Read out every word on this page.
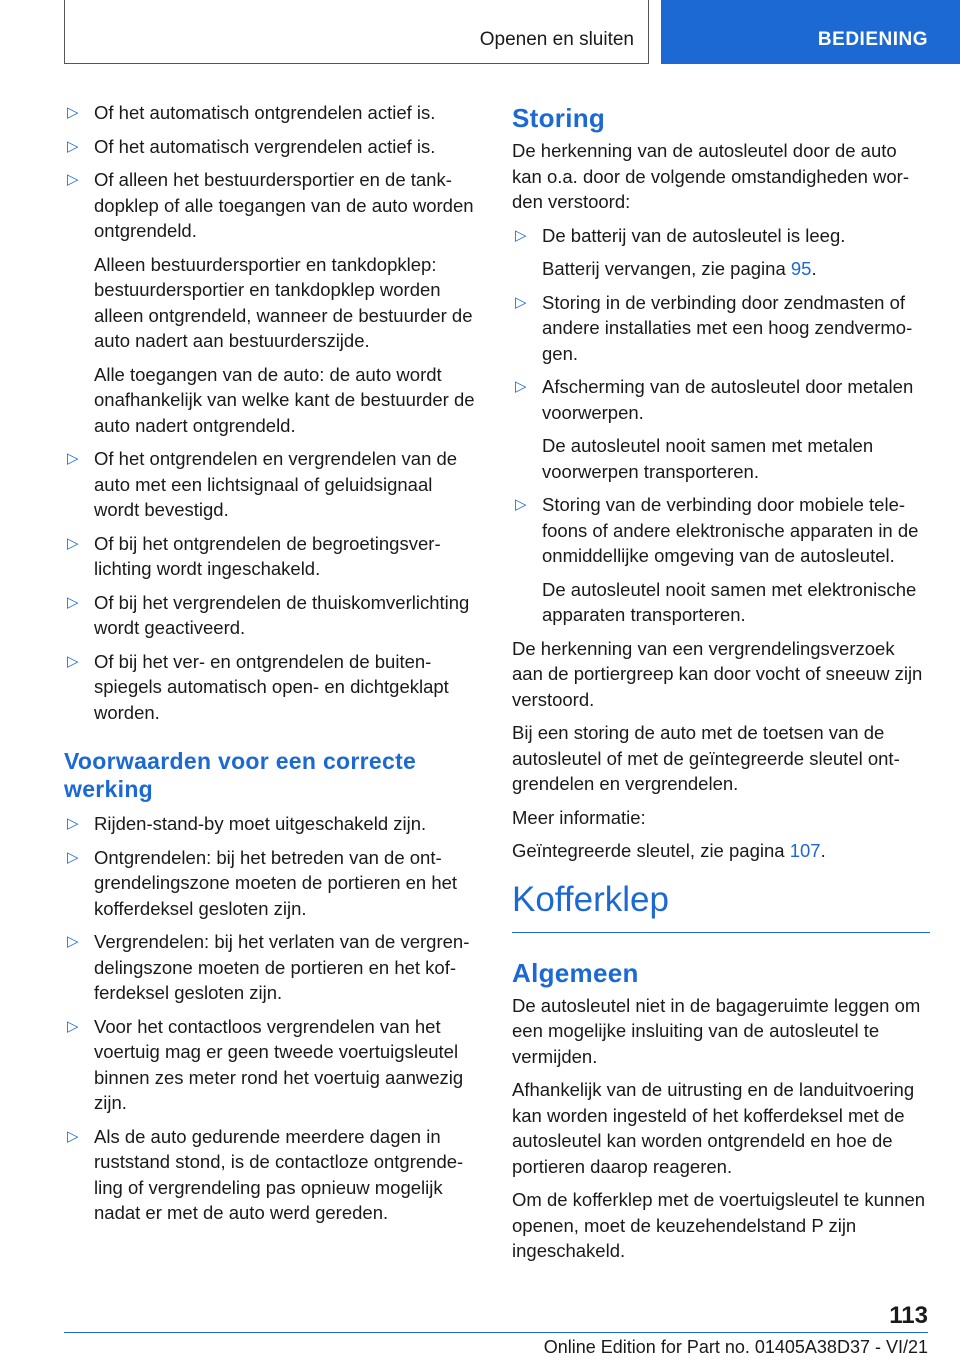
Openen en sluiten	BEDIENING
▷ Of het automatisch ontgrendelen actief is.
▷ Of het automatisch vergrendelen actief is.
▷ Of alleen het bestuurdersportier en de tankdopklep of alle toegangen van de auto worden ontgrendeld.
Alleen bestuurdersportier en tankdopklep: bestuurdersportier en tankdopklep worden alleen ontgrendeld, wanneer de bestuurder de auto nadert aan bestuurderszijde.
Alle toegangen van de auto: de auto wordt onafhankelijk van welke kant de bestuurder de auto nadert ontgrendeld.
▷ Of het ontgrendelen en vergrendelen van de auto met een lichtsignaal of geluidsignaal wordt bevestigd.
▷ Of bij het ontgrendelen de begroetingsverlichting wordt ingeschakeld.
▷ Of bij het vergrendelen de thuiskomverlichting wordt geactiveerd.
▷ Of bij het ver- en ontgrendelen de buitenspiegels automatisch open- en dichtgeklapt worden.
Voorwaarden voor een correcte werking
▷ Rijden-stand-by moet uitgeschakeld zijn.
▷ Ontgrendelen: bij het betreden van de ontgrendelingszone moeten de portieren en het kofferdeksel gesloten zijn.
▷ Vergrendelen: bij het verlaten van de vergrendelingszone moeten de portieren en het kofferdeksel gesloten zijn.
▷ Voor het contactloos vergrendelen van het voertuig mag er geen tweede voertuigsleutel binnen zes meter rond het voertuig aanwezig zijn.
▷ Als de auto gedurende meerdere dagen in ruststand stond, is de contactloze ontgrendeling of vergrendeling pas opnieuw mogelijk nadat er met de auto werd gereden.
Storing

De herkenning van de autosleutel door de auto kan o.a. door de volgende omstandigheden worden verstoord:

▷ De batterij van de autosleutel is leeg.
Batterij vervangen, zie pagina 95.
▷ Storing in de verbinding door zendmasten of andere installaties met een hoog zendvermogen.
▷ Afscherming van de autosleutel door metalen voorwerpen.
De autosleutel nooit samen met metalen voorwerpen transporteren.
▷ Storing van de verbinding door mobiele telefoons of andere elektronische apparaten in de onmiddellijke omgeving van de autosleutel.
De autosleutel nooit samen met elektronische apparaten transporteren.

De herkenning van een vergrendelingsverzoek aan de portiergreep kan door vocht of sneeuw zijn verstoord.

Bij een storing de auto met de toetsen van de autosleutel of met de geïntegreerde sleutel ontgrendelen en vergrendelen.

Meer informatie:

Geïntegreerde sleutel, zie pagina 107.

Kofferklep
Algemeen

De autosleutel niet in de bagageruimte leggen om een mogelijke insluiting van de autosleutel te vermijden.

Afhankelijk van de uitrusting en de landuitvoering kan worden ingesteld of het kofferdeksel met de autosleutel kan worden ontgrendeld en hoe de portieren daarop reageren.

Om de kofferklep met de voertuigsleutel te kunnen openen, moet de keuzehendelstand P zijn ingeschakeld.

113
Online Edition for Part no. 01405A38D37 - VI/21
